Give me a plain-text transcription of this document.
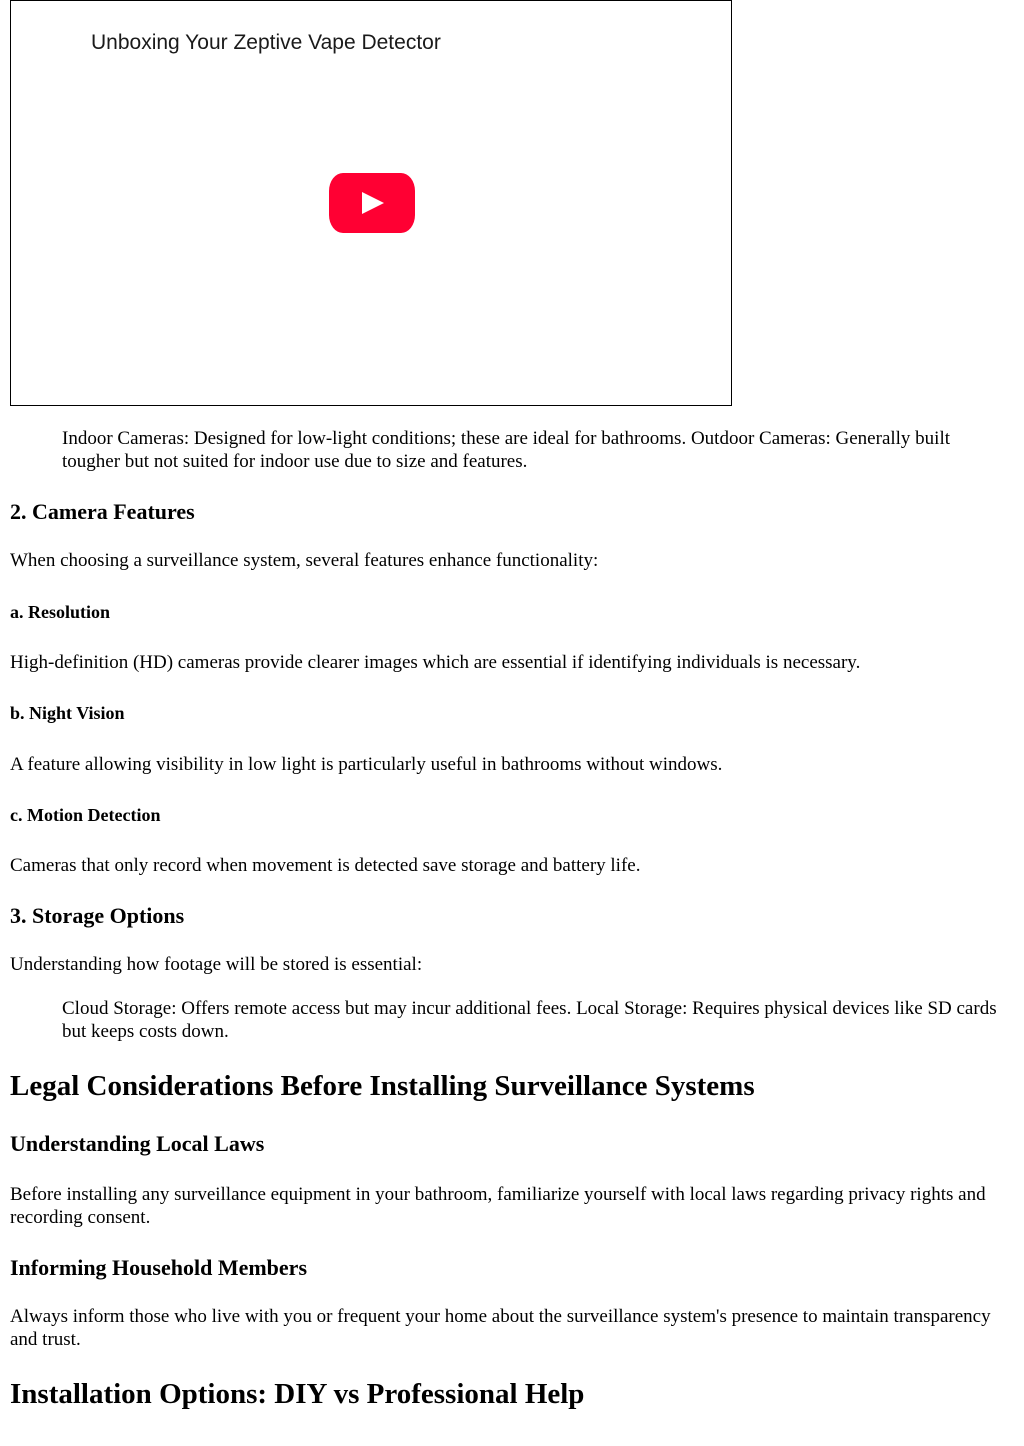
Unboxing Your Zeptive Vape Detector

Indoor Cameras: Designed for low-light conditions; these are ideal for bathrooms. Outdoor Cameras: Generally built tougher but not suited for indoor use due to size and features.

2. Camera Features

When choosing a surveillance system, several features enhance functionality:

a. Resolution

High-definition (HD) cameras provide clearer images which are essential if identifying individuals is necessary.

b. Night Vision

A feature allowing visibility in low light is particularly useful in bathrooms without windows.

c. Motion Detection

Cameras that only record when movement is detected save storage and battery life.

3. Storage Options

Understanding how footage will be stored is essential:

Cloud Storage: Offers remote access but may incur additional fees. Local Storage: Requires physical devices like SD cards but keeps costs down.

Legal Considerations Before Installing Surveillance Systems
Understanding Local Laws

Before installing any surveillance equipment in your bathroom, familiarize yourself with local laws regarding privacy rights and recording consent.

Informing Household Members

Always inform those who live with you or frequent your home about the surveillance system's presence to maintain transparency and trust.

Installation Options: DIY vs Professional Help
